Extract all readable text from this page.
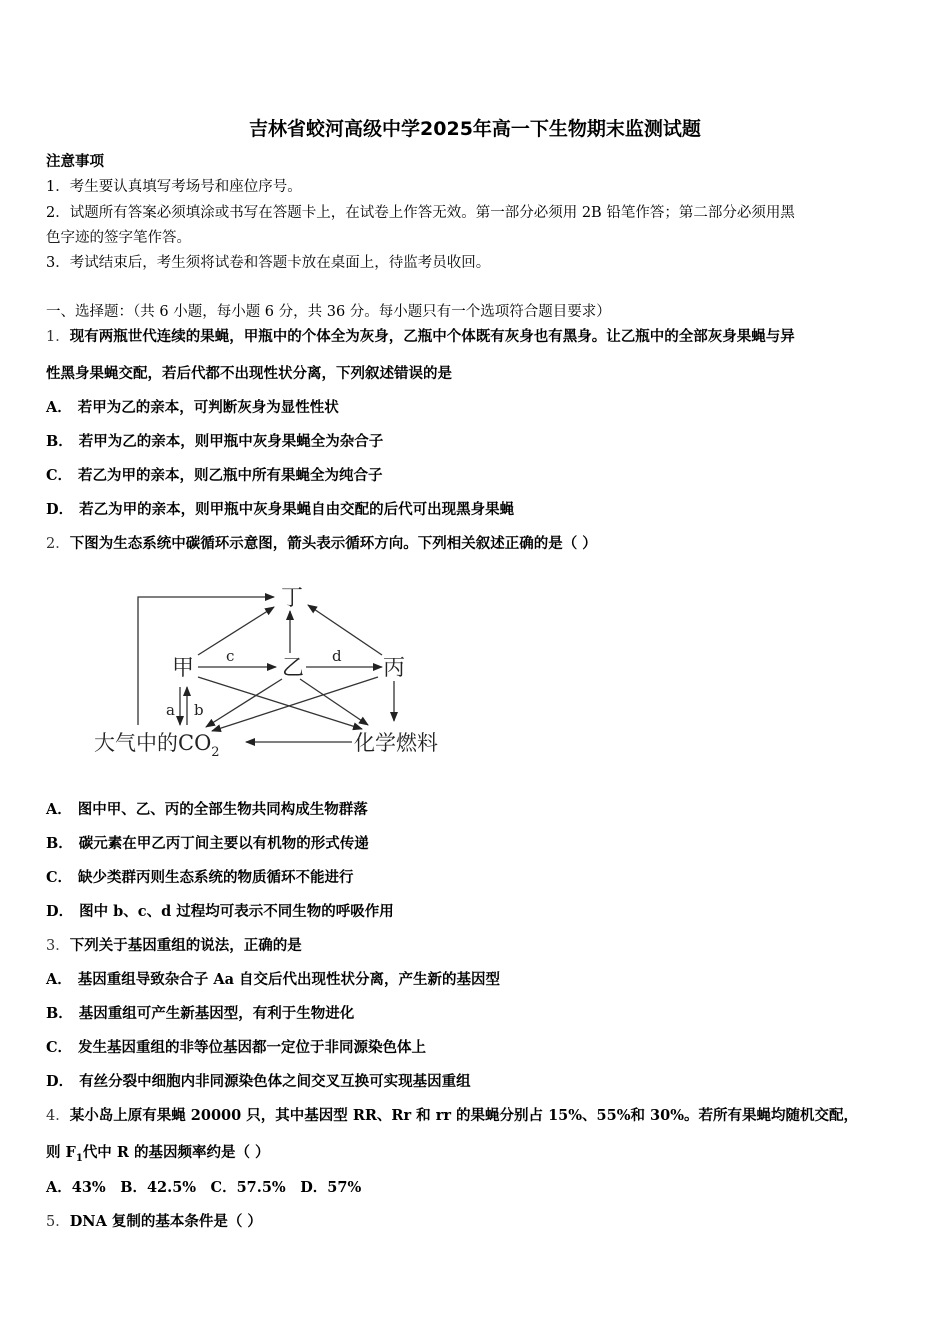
吉林省蛟河高级中学2025年高一下生物期末监测试题
注意事项
1．考生要认真填写考场号和座位序号。
2．试题所有答案必须填涂或书写在答题卡上，在试卷上作答无效。第一部分必须用 2B 铅笔作答；第二部分必须用黑
色字迹的签字笔作答。
3．考试结束后，考生须将试卷和答题卡放在桌面上，待监考员收回。
一、选择题：（共 6 小题，每小题 6 分，共 36 分。每小题只有一个选项符合题目要求）
1．现有两瓶世代连续的果蝇，甲瓶中的个体全为灰身，乙瓶中个体既有灰身也有黑身。让乙瓶中的全部灰身果蝇与异
性黑身果蝇交配，若后代都不出现性状分离，下列叙述错误的是
A． 若甲为乙的亲本，可判断灰身为显性性状
B． 若甲为乙的亲本，则甲瓶中灰身果蝇全为杂合子
C． 若乙为甲的亲本，则乙瓶中所有果蝇全为纯合子
D． 若乙为甲的亲本，则甲瓶中灰身果蝇自由交配的后代可出现黑身果蝇
2．下图为生态系统中碳循环示意图，箭头表示循环方向。下列相关叙述正确的是（ ）
丁
甲	乙	丙
c	d
a b
大气中的$CO_2$	化学燃料
A． 图中甲、乙、丙的全部生物共同构成生物群落
B． 碳元素在甲乙丙丁间主要以有机物的形式传递
C． 缺少类群丙则生态系统的物质循环不能进行
D． 图中 b、c、d 过程均可表示不同生物的呼吸作用
3．下列关于基因重组的说法，正确的是
A． 基因重组导致杂合子 Aa 自交后代出现性状分离，产生新的基因型
B． 基因重组可产生新基因型，有利于生物进化
C． 发生基因重组的非等位基因都一定位于非同源染色体上
D． 有丝分裂中细胞内非同源染色体之间交叉互换可实现基因重组
4．某小岛上原有果蝇 20000 只，其中基因型 RR、Rr 和 rr 的果蝇分别占 15%、55%和 30%。若所有果蝇均随机交配，
则 $F_1$代中 R 的基因频率约是（ ）
A．43%　B．42.5%　C．57.5%　D．57%
5．DNA 复制的基本条件是（ ）
